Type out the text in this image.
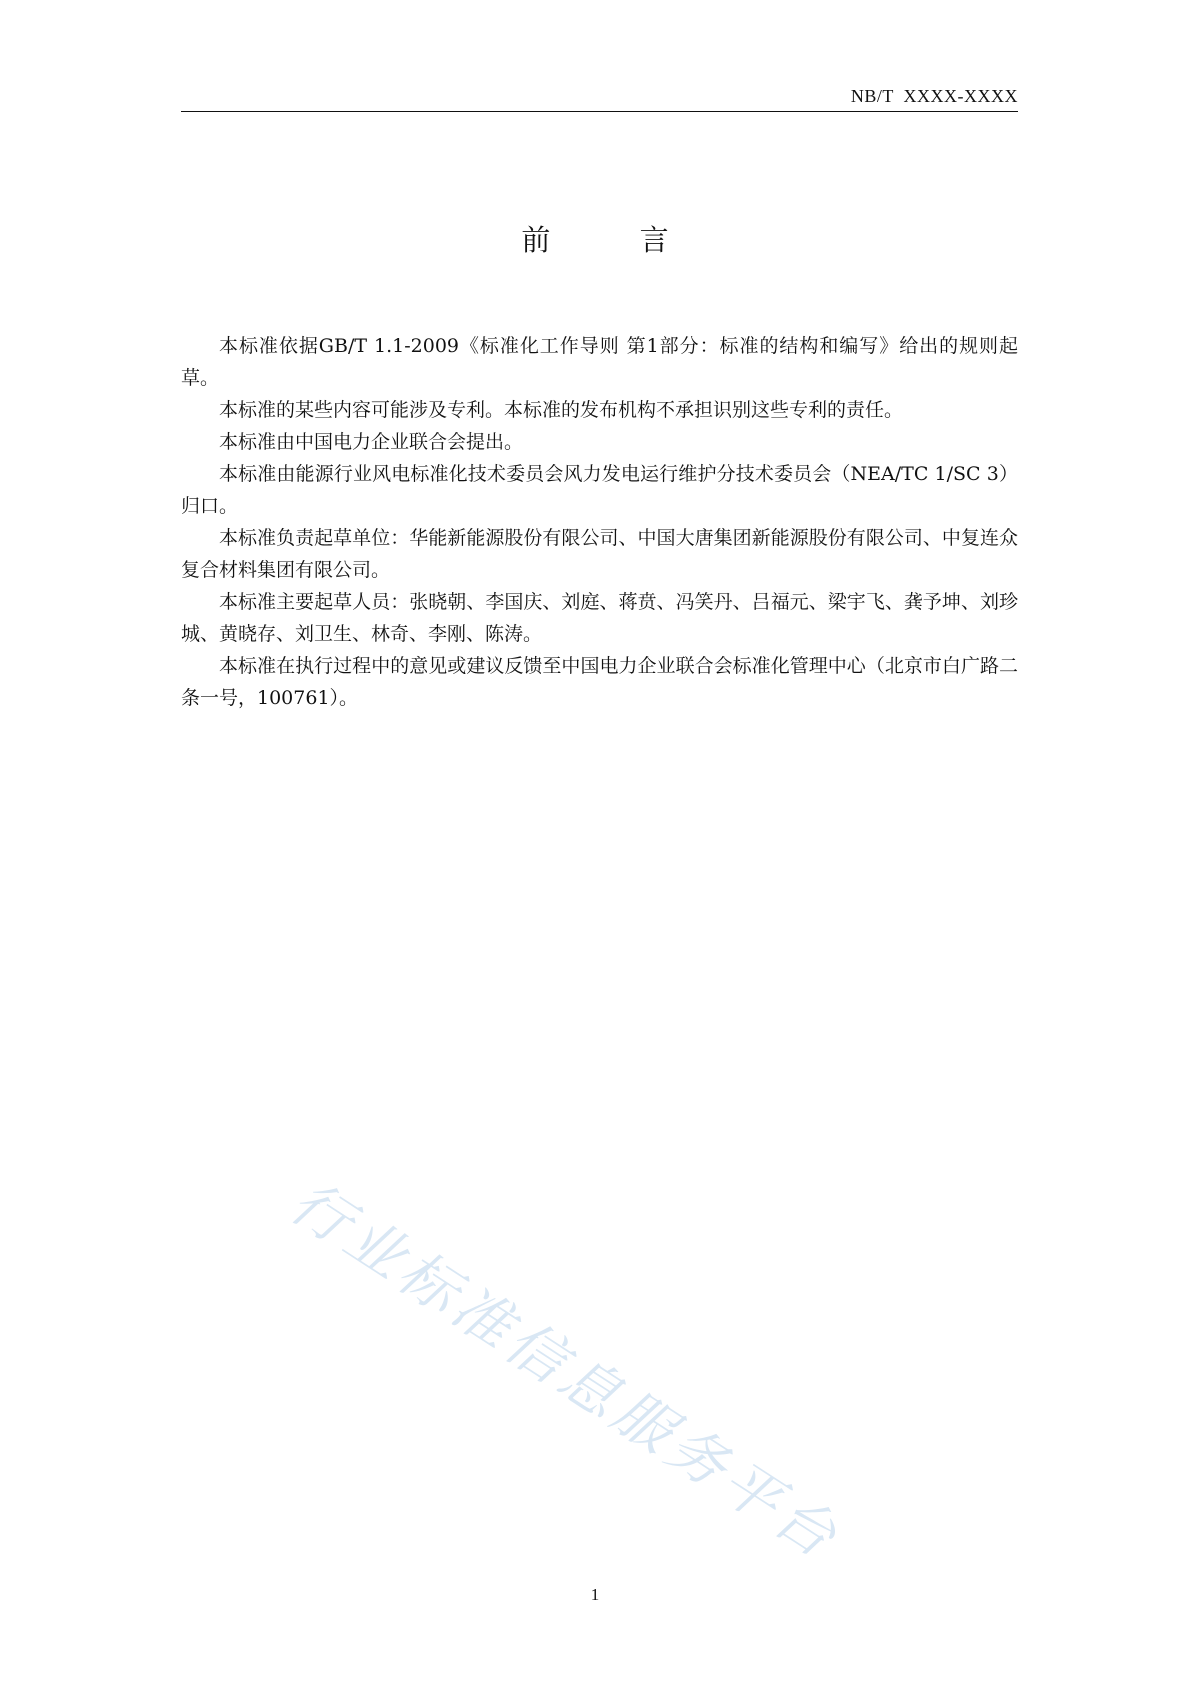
NB/T  XXXX-XXXX
前 言

本标准依据GB/T 1.1-2009《标准化工作导则 第1部分：标准的结构和编写》给出的规则起草。

本标准的某些内容可能涉及专利。本标准的发布机构不承担识别这些专利的责任。

本标准由中国电力企业联合会提出。

本标准由能源行业风电标准化技术委员会风力发电运行维护分技术委员会（NEA/TC 1/SC 3）归口。

本标准负责起草单位：华能新能源股份有限公司、中国大唐集团新能源股份有限公司、中复连众复合材料集团有限公司。

本标准主要起草人员：张晓朝、李国庆、刘庭、蒋贲、冯笑丹、吕福元、梁宇飞、龚予坤、刘珍城、黄晓存、刘卫生、林奇、李刚、陈涛。

本标准在执行过程中的意见或建议反馈至中国电力企业联合会标准化管理中心（北京市白广路二条一号，100761）。

行业标准信息服务平台
1
